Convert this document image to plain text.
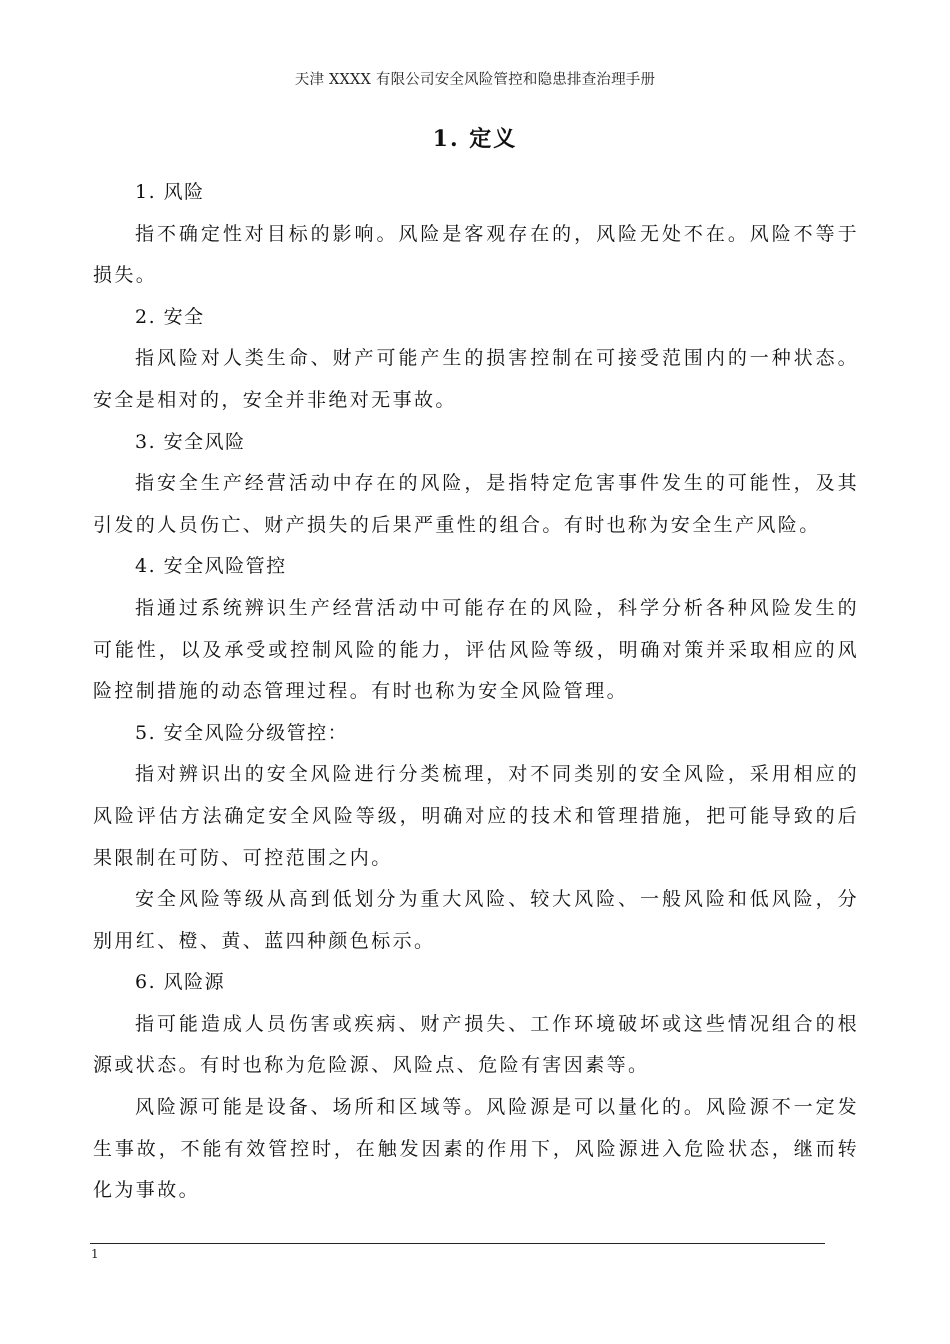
天津 XXXX 有限公司安全风险管控和隐患排查治理手册
1. 定义

1. 风险

指不确定性对目标的影响。风险是客观存在的，风险无处不在。风险不等于损失。

2. 安全

指风险对人类生命、财产可能产生的损害控制在可接受范围内的一种状态。安全是相对的，安全并非绝对无事故。

3. 安全风险

指安全生产经营活动中存在的风险，是指特定危害事件发生的可能性，及其引发的人员伤亡、财产损失的后果严重性的组合。有时也称为安全生产风险。

4. 安全风险管控

指通过系统辨识生产经营活动中可能存在的风险，科学分析各种风险发生的可能性，以及承受或控制风险的能力，评估风险等级，明确对策并采取相应的风险控制措施的动态管理过程。有时也称为安全风险管理。

5. 安全风险分级管控：

指对辨识出的安全风险进行分类梳理，对不同类别的安全风险，采用相应的风险评估方法确定安全风险等级，明确对应的技术和管理措施，把可能导致的后果限制在可防、可控范围之内。

安全风险等级从高到低划分为重大风险、较大风险、一般风险和低风险，分别用红、橙、黄、蓝四种颜色标示。

6. 风险源

指可能造成人员伤害或疾病、财产损失、工作环境破坏或这些情况组合的根源或状态。有时也称为危险源、风险点、危险有害因素等。

风险源可能是设备、场所和区域等。风险源是可以量化的。风险源不一定发生事故，不能有效管控时，在触发因素的作用下，风险源进入危险状态，继而转化为事故。

1
